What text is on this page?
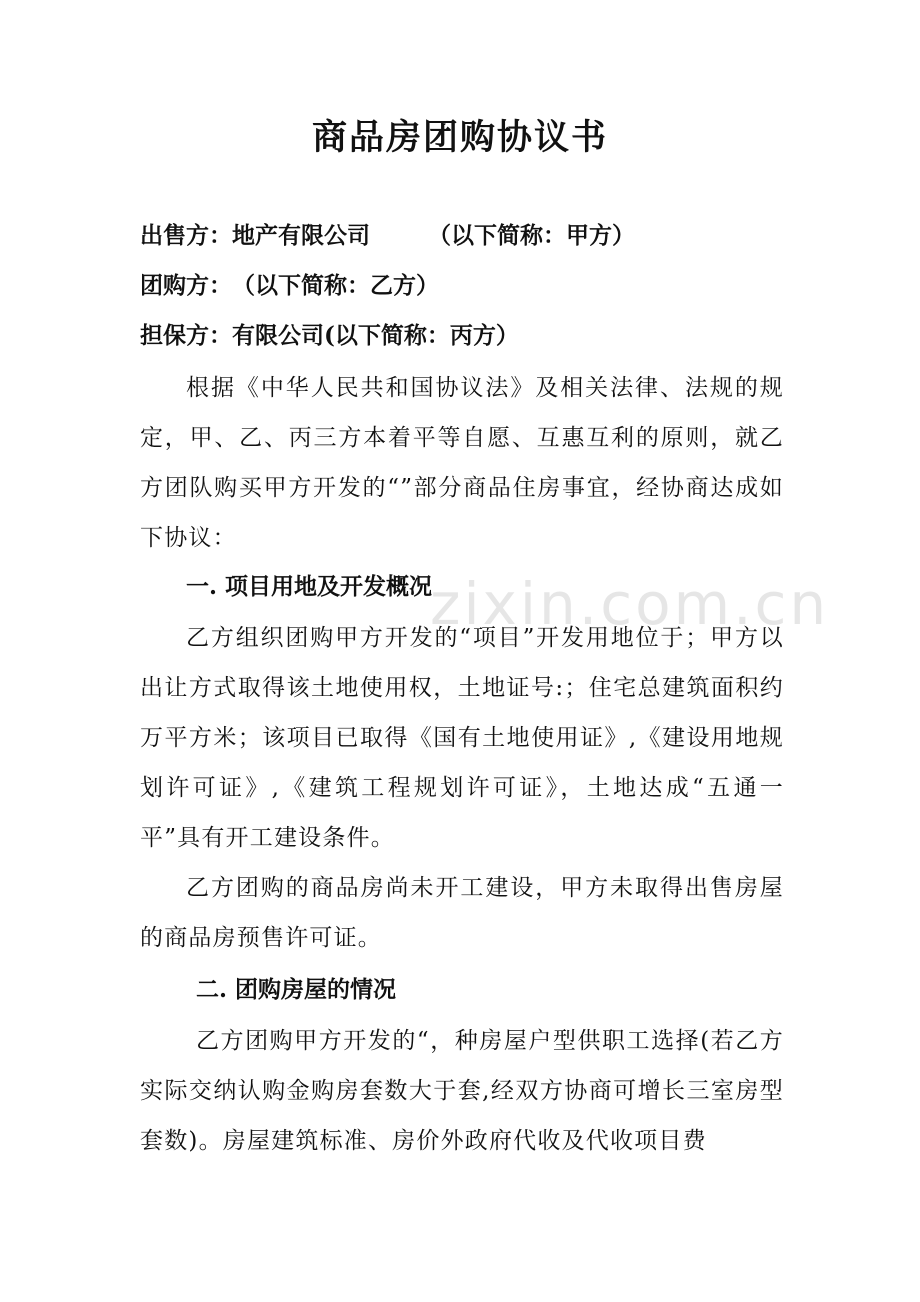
zixin.com.cn
商品房团购协议书
出售方：地产有限公司	（以下简称：甲方）
团购方：　（以下简称：乙方）
担保方：有限公司(以下简称：丙方）
根据《中华人民共和国协议法》及相关法律、法规的规定，甲、乙、丙三方本着平等自愿、互惠互利的原则，就乙方团队购买甲方开发的“”部分商品住房事宜，经协商达成如下协议：
一. 项目用地及开发概况
乙方组织团购甲方开发的“项目”开发用地位于；甲方以出让方式取得该土地使用权，土地证号:；住宅总建筑面积约万平方米；该项目已取得《国有土地使用证》,《建设用地规划许可证》,《建筑工程规划许可证》，土地达成“五通一平”具有开工建设条件。
乙方团购的商品房尚未开工建设，甲方未取得出售房屋的商品房预售许可证。
二. 团购房屋的情况
乙方团购甲方开发的“，种房屋户型供职工选择(若乙方实际交纳认购金购房套数大于套,经双方协商可增长三室房型套数)。房屋建筑标准、房价外政府代收及代收项目费
